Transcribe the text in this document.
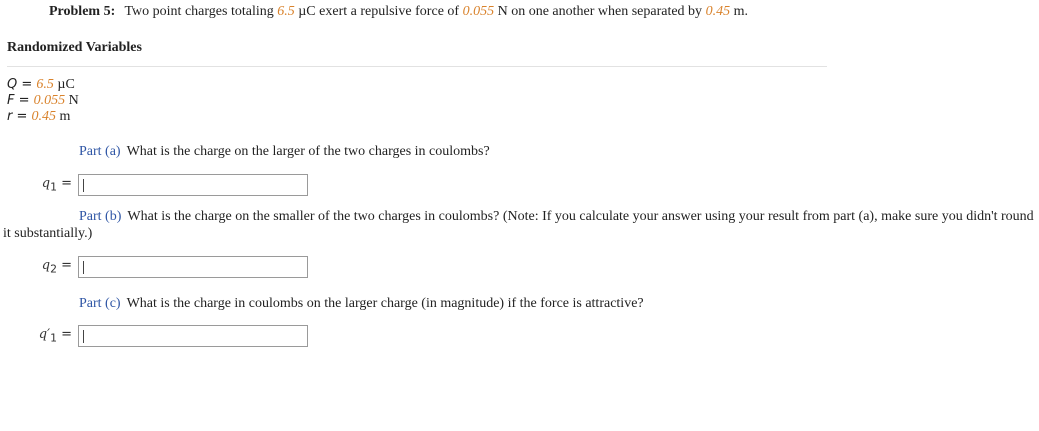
Problem 5: Two point charges totaling 6.5 µC exert a repulsive force of 0.055 N on one another when separated by 0.45 m.
Randomized Variables
Q = 6.5 µC
F = 0.055 N
r = 0.45 m
Part (a) What is the charge on the larger of the two charges in coulombs?
$q_1$ =
Part (b) What is the charge on the smaller of the two charges in coulombs? (Note: If you calculate your answer using your result from part (a), make sure you didn't round it substantially.)
$q_2$ =
Part (c) What is the charge in coulombs on the larger charge (in magnitude) if the force is attractive?
$q'_1$ =
